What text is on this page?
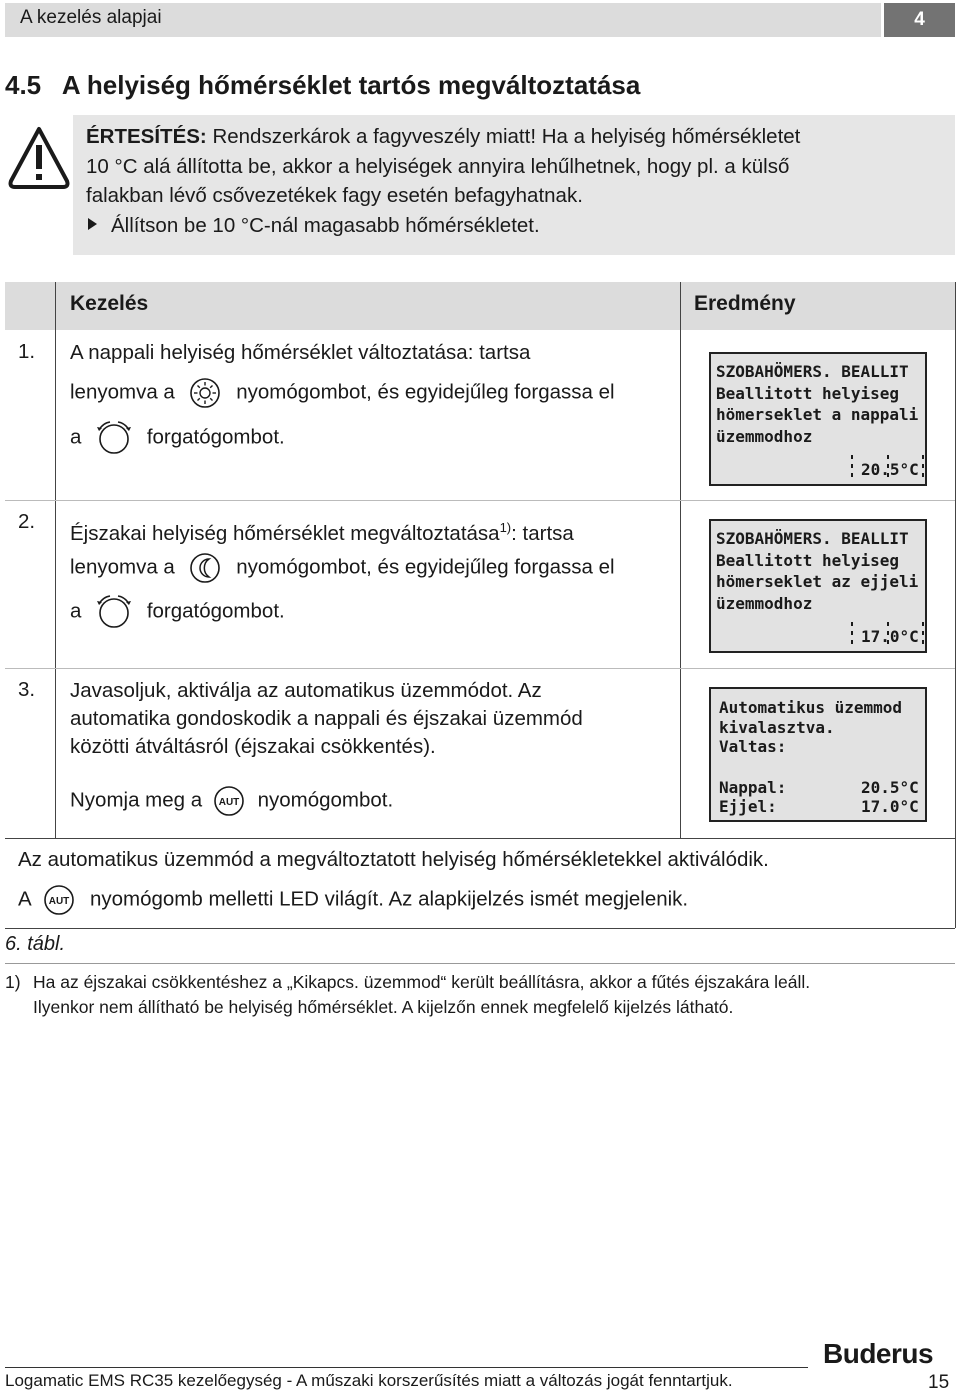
A kezelés alapjai	4
4.5   A helyiség hőmérséklet tartós megváltoztatása
ÉRTESÍTÉS: Rendszerkárok a fagyveszély miatt! Ha a helyiség hőmérsékletet
10 °C alá állította be, akkor a helyiségek annyira lehűlhetnek, hogy pl. a külső
falakban lévő csővezetékek fagy esetén befagyhatnak.
Állítson be 10 °C-nál magasabb hőmérsékletet.
Kezelés	Eredmény
1. A nappali helyiség hőmérséklet változtatása: tartsa
lenyomva a	nyomógombot, és egyidejűleg forgassa el
a	forgatógombot.
SZOBAHÖMERS. BEALLIT
Beallitott helyiseg
hömerseklet a nappali
üzemmodhoz
20.5°C
2.
Éjszakai helyiség hőmérséklet megváltoztatása$^{1)}$: tartsa
lenyomva a	nyomógombot, és egyidejűleg forgassa el
a	forgatógombot.
SZOBAHÖMERS. BEALLIT
Beallitott helyiseg
hömerseklet az ejjeli
üzemmodhoz
17.0°C
3. Javasoljuk, aktiválja az automatikus üzemmódot. Az
automatika gondoskodik a nappali és éjszakai üzemmód
közötti átváltásról (éjszakai csökkentés).
Nyomja meg a AUT nyomógombot.
Automatikus üzemmod
kivalasztva.
Valtas:
Nappal:	20.5°C
Ejjel:	17.0°C
Az automatikus üzemmód a megváltoztatott helyiség hőmérsékletekkel aktiválódik.
A AUT nyomógomb melletti LED világít. Az alapkijelzés ismét megjelenik.
6. tábl.
1) Ha az éjszakai csökkentéshez a „Kikapcs. üzemmod“ került beállításra, akkor a fűtés éjszakára leáll.
Ilyenkor nem állítható be helyiség hőmérséklet. A kijelzőn ennek megfelelő kijelzés látható.
Buderus
Logamatic EMS RC35 kezelőegység - A műszaki korszerűsítés miatt a változás jogát fenntartjuk.	15
